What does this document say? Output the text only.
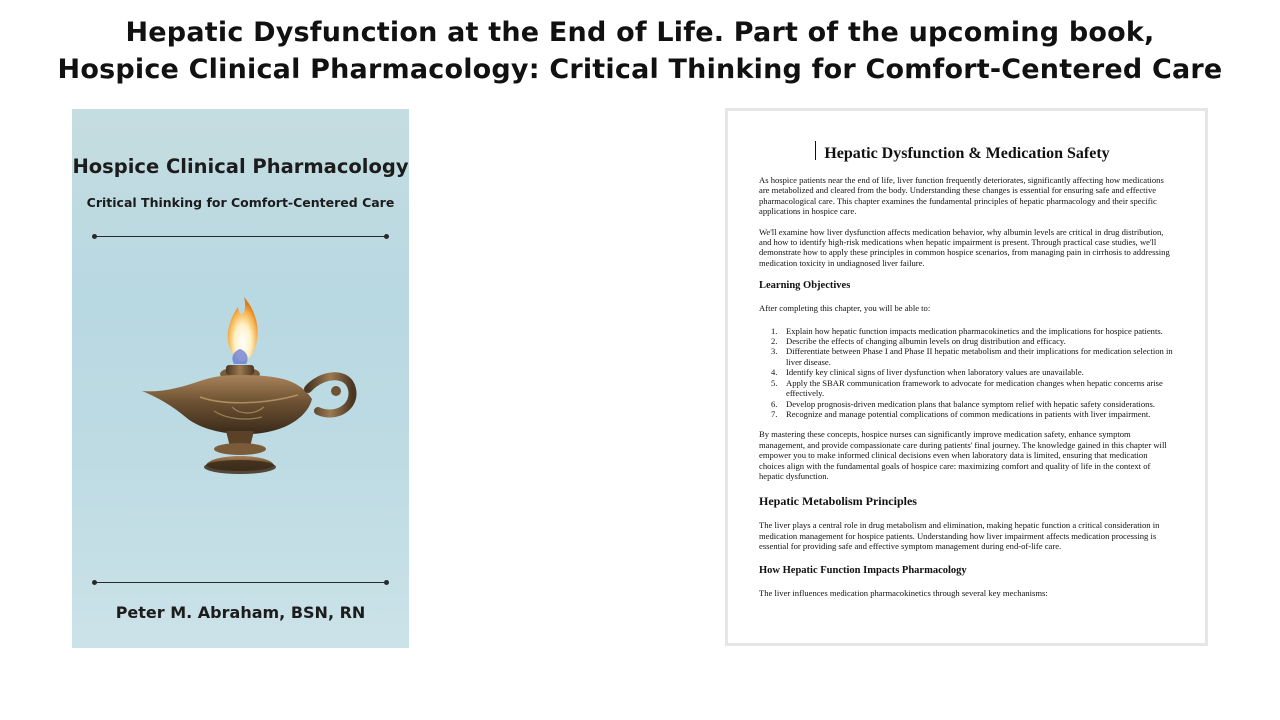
Hepatic Dysfunction at the End of Life. Part of the upcoming book,
Hospice Clinical Pharmacology: Critical Thinking for Comfort-Centered Care
Hospice Clinical Pharmacology
Critical Thinking for Comfort-Centered Care
Peter M. Abraham, BSN, RN
Hepatic Dysfunction & Medication Safety

As hospice patients near the end of life, liver function frequently deteriorates, significantly affecting how medications are metabolized and cleared from the body. Understanding these changes is essential for ensuring safe and effective pharmacological care. This chapter examines the fundamental principles of hepatic pharmacology and their specific applications in hospice care.

We'll examine how liver dysfunction affects medication behavior, why albumin levels are critical in drug distribution, and how to identify high-risk medications when hepatic impairment is present. Through practical case studies, we'll demonstrate how to apply these principles in common hospice scenarios, from managing pain in cirrhosis to addressing medication toxicity in undiagnosed liver failure.

Learning Objectives

After completing this chapter, you will be able to:

1. Explain how hepatic function impacts medication pharmacokinetics and the implications for hospice patients.
2. Describe the effects of changing albumin levels on drug distribution and efficacy.
3. Differentiate between Phase I and Phase II hepatic metabolism and their implications for medication selection in liver disease.
4. Identify key clinical signs of liver dysfunction when laboratory values are unavailable.
5. Apply the SBAR communication framework to advocate for medication changes when hepatic concerns arise effectively.
6. Develop prognosis-driven medication plans that balance symptom relief with hepatic safety considerations.
7. Recognize and manage potential complications of common medications in patients with liver impairment.

By mastering these concepts, hospice nurses can significantly improve medication safety, enhance symptom management, and provide compassionate care during patients' final journey. The knowledge gained in this chapter will empower you to make informed clinical decisions even when laboratory data is limited, ensuring that medication choices align with the fundamental goals of hospice care: maximizing comfort and quality of life in the context of hepatic dysfunction.

Hepatic Metabolism Principles

The liver plays a central role in drug metabolism and elimination, making hepatic function a critical consideration in medication management for hospice patients. Understanding how liver impairment affects medication processing is essential for providing safe and effective symptom management during end-of-life care.

How Hepatic Function Impacts Pharmacology

The liver influences medication pharmacokinetics through several key mechanisms:
